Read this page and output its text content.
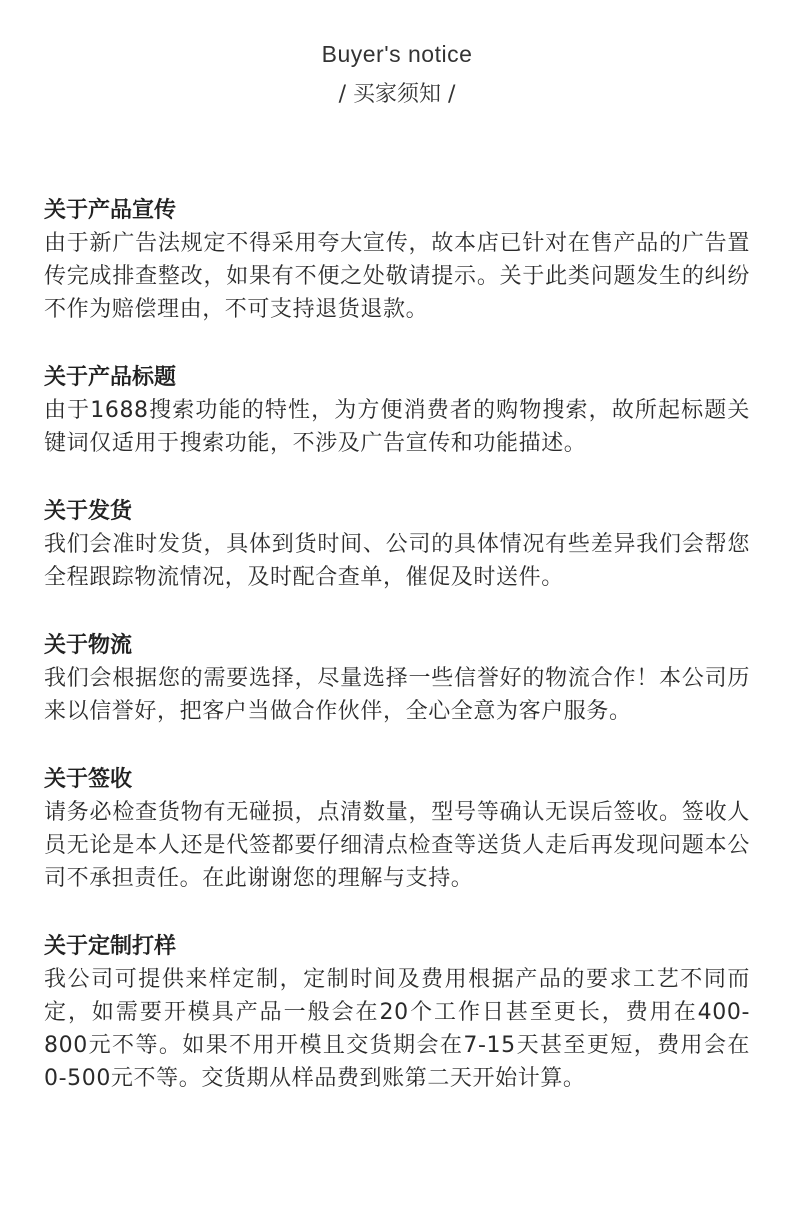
Buyer's notice
/ 买家须知 /
关于产品宣传
由于新广告法规定不得采用夸大宣传，故本店已针对在售产品的广告置传完成排查整改，如果有不便之处敬请提示。关于此类问题发生的纠纷不作为赔偿理由，不可支持退货退款。
关于产品标题
由于1688搜索功能的特性，为方便消费者的购物搜索，故所起标题关键词仅适用于搜索功能，不涉及广告宣传和功能描述。
关于发货
我们会准时发货，具体到货时间、公司的具体情况有些差异我们会帮您全程跟踪物流情况，及时配合查单，催促及时送件。
关于物流
我们会根据您的需要选择，尽量选择一些信誉好的物流合作！本公司历来以信誉好，把客户当做合作伙伴，全心全意为客户服务。
关于签收
请务必检查货物有无碰损，点清数量，型号等确认无误后签收。签收人员无论是本人还是代签都要仔细清点检查等送货人走后再发现问题本公司不承担责任。在此谢谢您的理解与支持。
关于定制打样
我公司可提供来样定制，定制时间及费用根据产品的要求工艺不同而定，如需要开模具产品一般会在20个工作日甚至更长，费用在400-800元不等。如果不用开模且交货期会在7-15天甚至更短，费用会在0-500元不等。交货期从样品费到账第二天开始计算。
